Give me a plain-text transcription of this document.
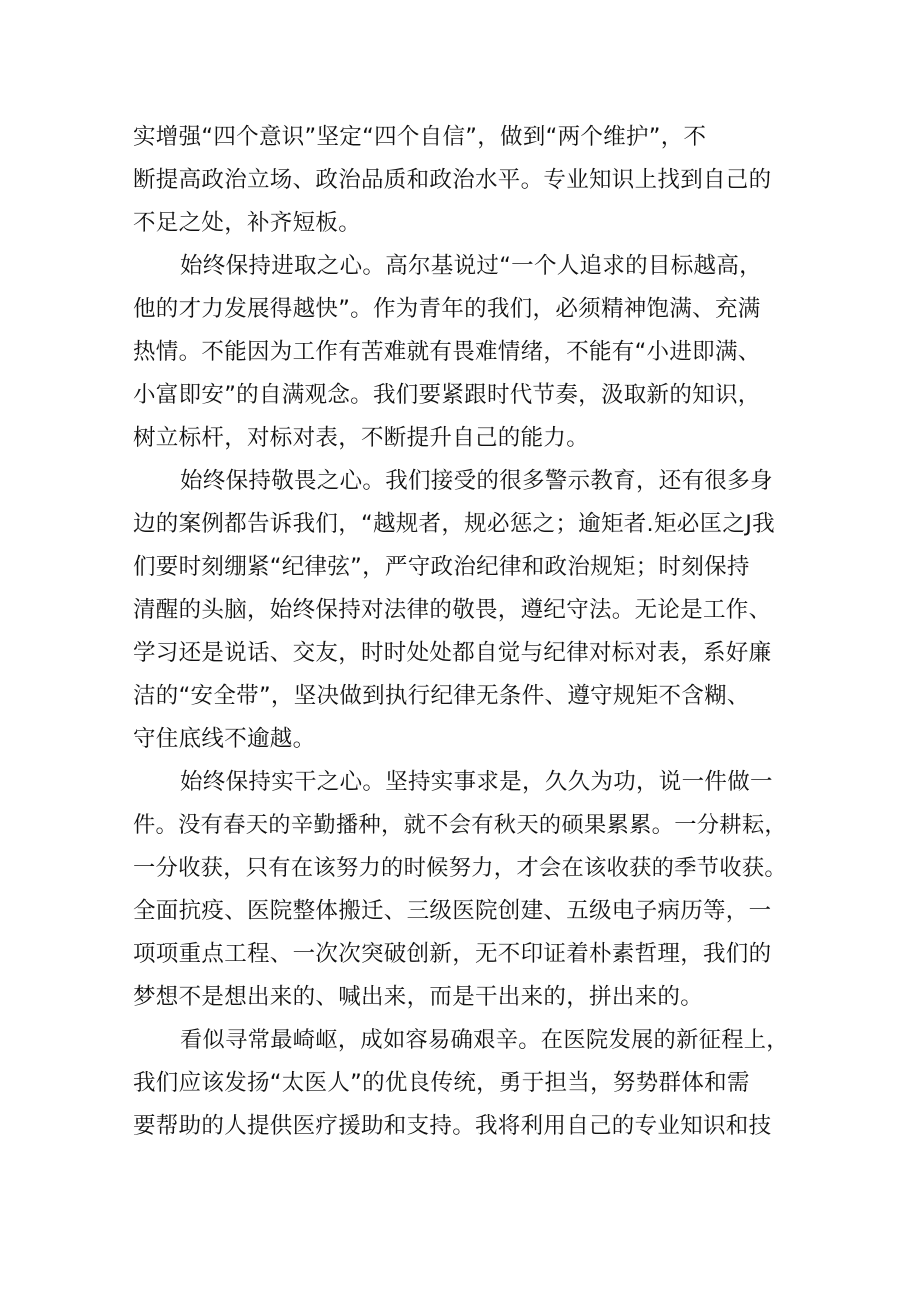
实增强“四个意识”坚定“四个自信”，做到“两个维护”，不
断提高政治立场、政治品质和政治水平。专业知识上找到自己的
不足之处，补齐短板。
始终保持进取之心。高尔基说过“一个人追求的目标越高，
他的才力发展得越快”。作为青年的我们，必须精神饱满、充满
热情。不能因为工作有苦难就有畏难情绪，不能有“小进即满、
小富即安”的自满观念。我们要紧跟时代节奏，汲取新的知识，
树立标杆，对标对表，不断提升自己的能力。
始终保持敬畏之心。我们接受的很多警示教育，还有很多身
边的案例都告诉我们，“越规者，规必惩之；逾矩者.矩必匡之J我
们要时刻绷紧“纪律弦”，严守政治纪律和政治规矩；时刻保持
清醒的头脑，始终保持对法律的敬畏，遵纪守法。无论是工作、
学习还是说话、交友，时时处处都自觉与纪律对标对表，系好廉
洁的“安全带”，坚决做到执行纪律无条件、遵守规矩不含糊、
守住底线不逾越。
始终保持实干之心。坚持实事求是，久久为功，说一件做一
件。没有春天的辛勤播种，就不会有秋天的硕果累累。一分耕耘，
一分收获，只有在该努力的时候努力，才会在该收获的季节收获。
全面抗疫、医院整体搬迁、三级医院创建、五级电子病历等，一
项项重点工程、一次次突破创新，无不印证着朴素哲理，我们的
梦想不是想出来的、喊出来，而是干出来的，拼出来的。
看似寻常最崎岖，成如容易确艰辛。在医院发展的新征程上，
我们应该发扬“太医人”的优良传统，勇于担当，努势群体和需
要帮助的人提供医疗援助和支持。我将利用自己的专业知识和技
